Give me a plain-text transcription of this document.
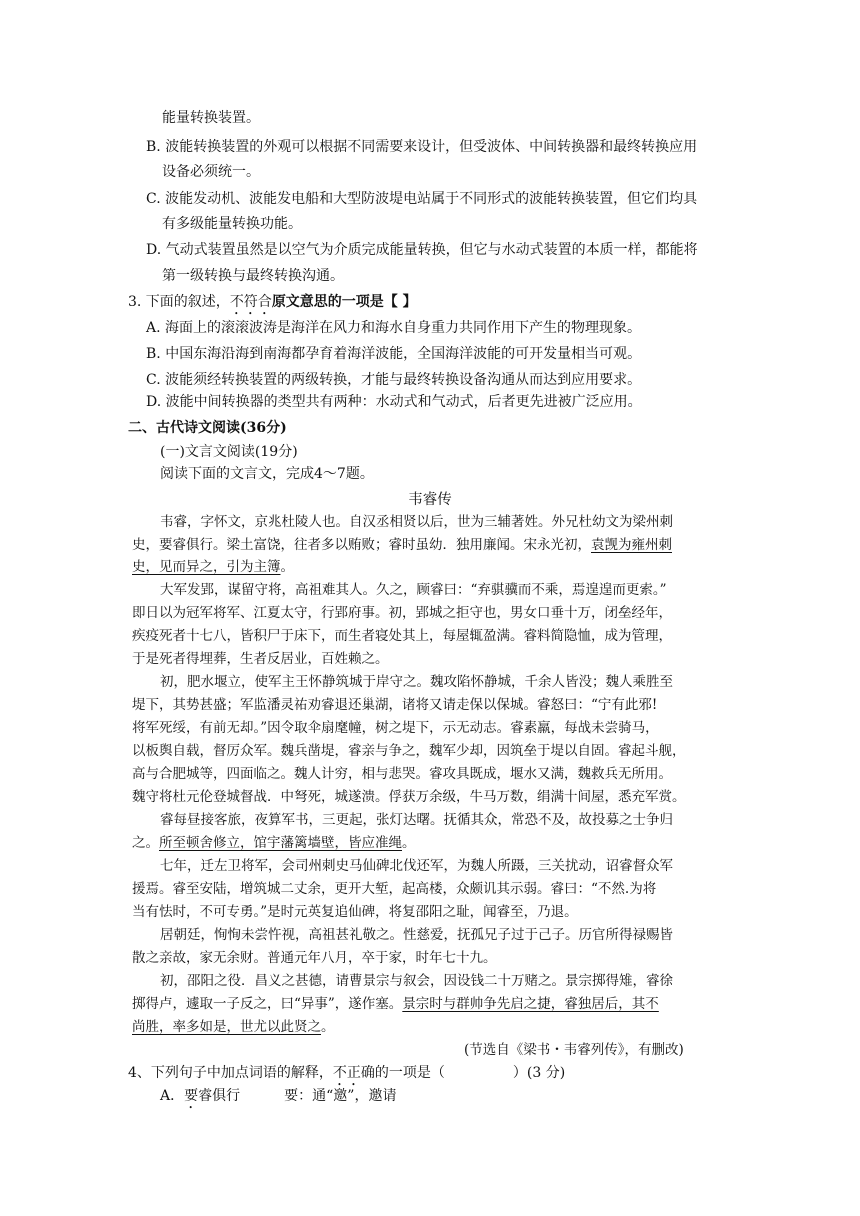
能量转换装置。
B. 波能转换装置的外观可以根据不同需要来设计，但受波体、中间转换器和最终转换应用
设备必须统一。
C. 波能发动机、波能发电船和大型防波堤电站属于不同形式的波能转换装置，但它们均具
有多级能量转换功能。
D. 气动式装置虽然是以空气为介质完成能量转换，但它与水动式装置的本质一样，都能将
第一级转换与最终转换沟通。
3. 下面的叙述，不符合原文意思的一项是【 】
A. 海面上的滚滚波涛是海洋在风力和海水自身重力共同作用下产生的物理现象。
B. 中国东海沿海到南海都孕育着海洋波能，全国海洋波能的可开发量相当可观。
C. 波能须经转换装置的两级转换，才能与最终转换设备沟通从而达到应用要求。
D. 波能中间转换器的类型共有两种：水动式和气动式，后者更先进被广泛应用。
二、古代诗文阅读(36分)
(一)文言文阅读(19分)
阅读下面的文言文，完成4～7题。
韦睿传
韦睿，字怀文，京兆杜陵人也。自汉丞相贤以后，世为三辅著姓。外兄杜幼文为梁州刺
史，要睿俱行。梁土富饶，往者多以贿败；睿时虽幼．独用廉闻。宋永光初，袁觊为雍州刺
史，见而异之，引为主簿。
大军发郢，谋留守将，高祖难其人。久之，顾睿曰：“弃骐骥而不乘，焉遑遑而更索。”
即日以为冠军将军、江夏太守，行郢府事。初，郢城之拒守也，男女口垂十万，闭垒经年，
疾疫死者十七八，皆积尸于床下，而生者寝处其上，每屋辄盈满。睿料简隐恤，成为管理，
于是死者得埋葬，生者反居业，百姓赖之。
初，肥水堰立，使军主王怀静筑城于岸守之。魏攻陷怀静城，千余人皆没；魏人乘胜至
堤下，其势甚盛；军监潘灵祐劝睿退还巢湖，诸将又请走保以保城。睿怒曰：“宁有此邪!
将军死绥，有前无却。”因令取伞扇麾幢，树之堤下，示无动志。睿素羸，每战未尝骑马，
以板舆自载，督厉众军。魏兵凿堤，睿亲与争之，魏军少却，因筑垒于堤以自固。睿起斗舰，
高与合肥城等，四面临之。魏人计穷，相与悲哭。睿攻具既成，堰水又满，魏救兵无所用。
魏守将杜元伦登城督战．中弩死，城遂溃。俘获万余级，牛马万数，绢满十间屋，悉充军赏。
睿每昼接客旅，夜算军书，三更起，张灯达曙。抚循其众，常恐不及，故投募之士争归
之。所至顿舍修立，馆宇藩篱墙壁，皆应准绳。
七年，迁左卫将军，会司州刺史马仙碑北伐还军，为魏人所蹑，三关扰动，诏睿督众军
援焉。睿至安陆，增筑城二丈余，更开大堑，起高楼，众颇讥其示弱。睿曰：“不然.为将
当有怯时，不可专勇。”是时元英复追仙碑，将复邵阳之耻，闻睿至，乃退。
居朝廷，恂恂未尝忤视，高祖甚礼敬之。性慈爱，抚孤兄子过于己子。历官所得禄赐皆
散之亲故，家无余财。普通元年八月，卒于家，时年七十九。
初，邵阳之役．昌义之甚德，请曹景宗与叙会，因设钱二十万赌之。景宗掷得雉，睿徐
掷得卢，遽取一子反之，曰“异事”，遂作塞。景宗时与群帅争先启之捷，睿独居后，其不
尚胜，率多如是，世尤以此贤之。
(节选自《梁书・韦睿列传》，有删改)
4、下列句子中加点词语的解释，不正确的一项是（	）(3 分)
A．要睿俱行	要：通“邀”，邀请
